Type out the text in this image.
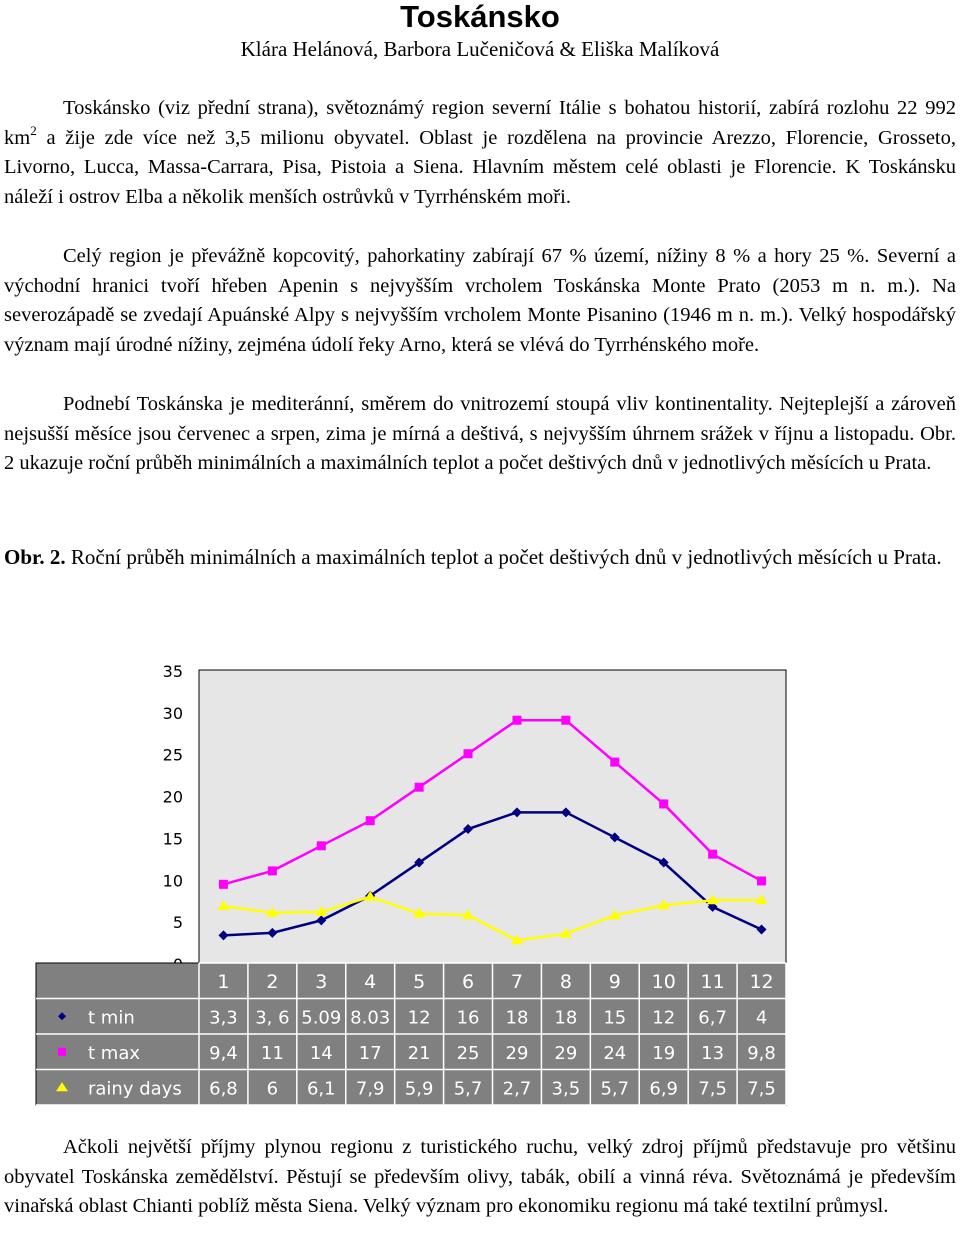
Toskánsko
Klára Helánová, Barbora Lučeničová & Eliška Malíková

Toskánsko (viz přední strana), světoznámý region severní Itálie s bohatou historií, zabírá rozlohu 22 992 $km^2$ a žije zde více než 3,5 milionu obyvatel. Oblast je rozdělena na provincie Arezzo, Florencie, Grosseto, Livorno, Lucca, Massa-Carrara, Pisa, Pistoia a Siena. Hlavním městem celé oblasti je Florencie. K Toskánsku náleží i ostrov Elba a několik menších ostrůvků v Tyrrhénském moři.

Celý region je převážně kopcovitý, pahorkatiny zabírají 67 % území, nížiny 8 % a hory 25 %. Severní a východní hranici tvoří hřeben Apenin s nejvyšším vrcholem Toskánska Monte Prato (2053 m n. m.). Na severozápadě se zvedají Apuánské Alpy s nejvyšším vrcholem Monte Pisanino (1946 m n. m.). Velký hospodářský význam mají úrodné nížiny, zejména údolí řeky Arno, která se vlévá do Tyrrhénského moře.

Podnebí Toskánska je mediteránní, směrem do vnitrozemí stoupá vliv kontinentality. Nejteplejší a zároveň nejsušší měsíce jsou červenec a srpen, zima je mírná a deštivá, s nejvyšším úhrnem srážek v říjnu a listopadu. Obr. 2 ukazuje roční průběh minimálních a maximálních teplot a počet deštivých dnů v jednotlivých měsících u Prata.

Obr. 2. Roční průběh minimálních a maximálních teplot a počet deštivých dnů v jednotlivých měsících u Prata.
5
10
15
20
25
30
35
1 2 3 4 5 6 7 8 9 10 11 12
t min	3,3 3, 6 5.09 8.03 12 16 18 18 15 12 6,7 4
t max	9,4 11 14 17 21 25 29 29 24 19 13 9,8
rainy days 6,8 6 6,1 7,9 5,9 5,7 2,7 3,5 5,7 6,9 7,5 7,5

Ačkoli největší příjmy plynou regionu z turistického ruchu, velký zdroj příjmů představuje pro většinu obyvatel Toskánska zemědělství. Pěstují se především olivy, tabák, obilí a vinná réva. Světoznámá je především vinařská oblast Chianti poblíž města Siena. Velký význam pro ekonomiku regionu má také textilní průmysl.
